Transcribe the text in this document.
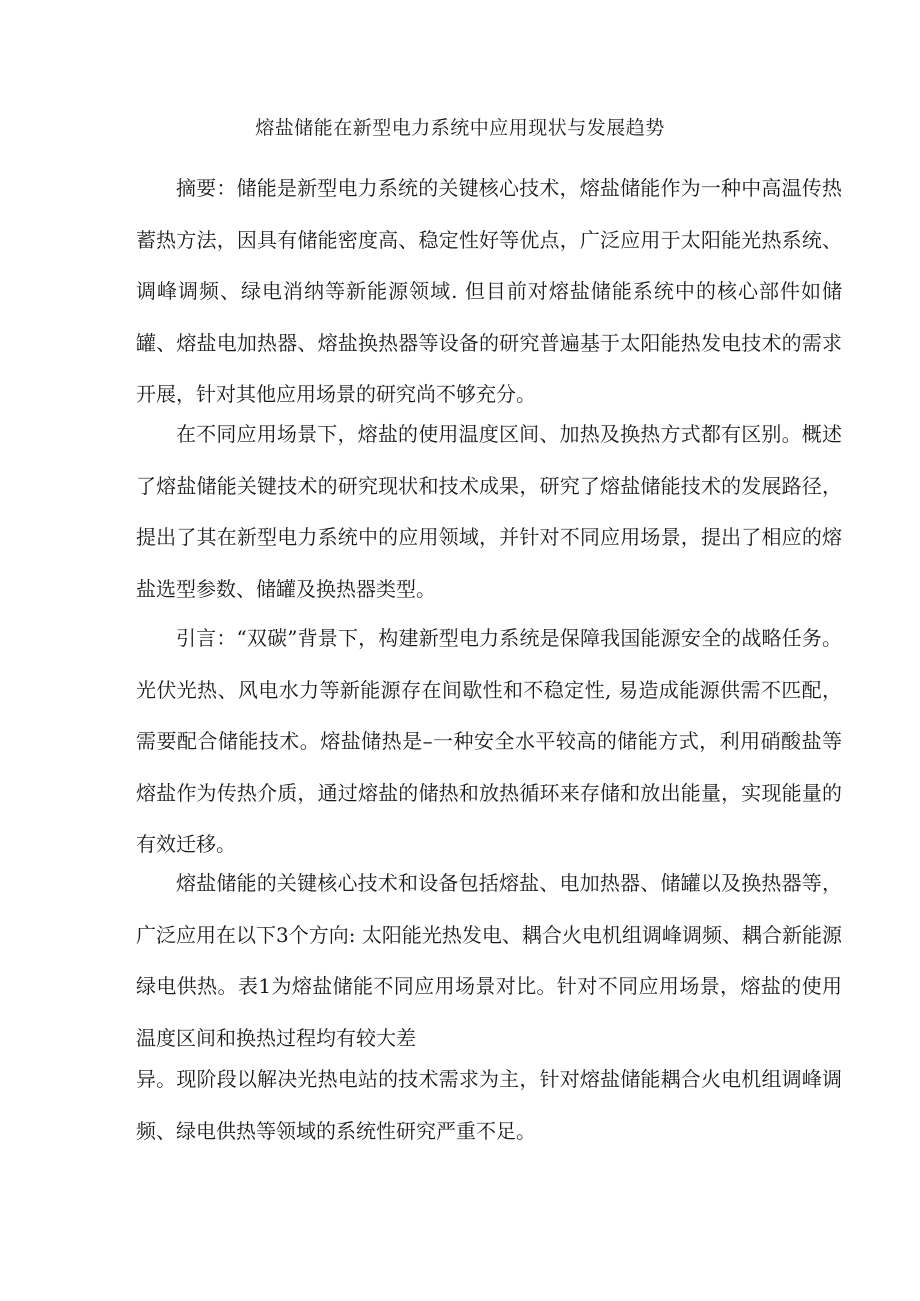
熔盐储能在新型电力系统中应用现状与发展趋势

摘要：储能是新型电力系统的关键核心技术，熔盐储能作为一种中高温传热蓄热方法，因具有储能密度高、稳定性好等优点，广泛应用于太阳能光热系统、调峰调频、绿电消纳等新能源领域. 但目前对熔盐储能系统中的核心部件如储罐、熔盐电加热器、熔盐换热器等设备的研究普遍基于太阳能热发电技术的需求开展，针对其他应用场景的研究尚不够充分。

在不同应用场景下，熔盐的使用温度区间、加热及换热方式都有区别。概述了熔盐储能关键技术的研究现状和技术成果，研究了熔盐储能技术的发展路径，提出了其在新型电力系统中的应用领域，并针对不同应用场景，提出了相应的熔盐选型参数、储罐及换热器类型。

引言：“双碳”背景下，构建新型电力系统是保障我国能源安全的战略任务。光伏光热、风电水力等新能源存在间歇性和不稳定性, 易造成能源供需不匹配，需要配合储能技术。熔盐储热是–一种安全水平较高的储能方式，利用硝酸盐等熔盐作为传热介质，通过熔盐的储热和放热循环来存储和放出能量，实现能量的有效迁移。

熔盐储能的关键核心技术和设备包括熔盐、电加热器、储罐以及换热器等，广泛应用在以下3个方向: 太阳能光热发电、耦合火电机组调峰调频、耦合新能源绿电供热。表1为熔盐储能不同应用场景对比。针对不同应用场景，熔盐的使用温度区间和换热过程均有较大差

异。现阶段以解决光热电站的技术需求为主，针对熔盐储能耦合火电机组调峰调频、绿电供热等领域的系统性研究严重不足。
